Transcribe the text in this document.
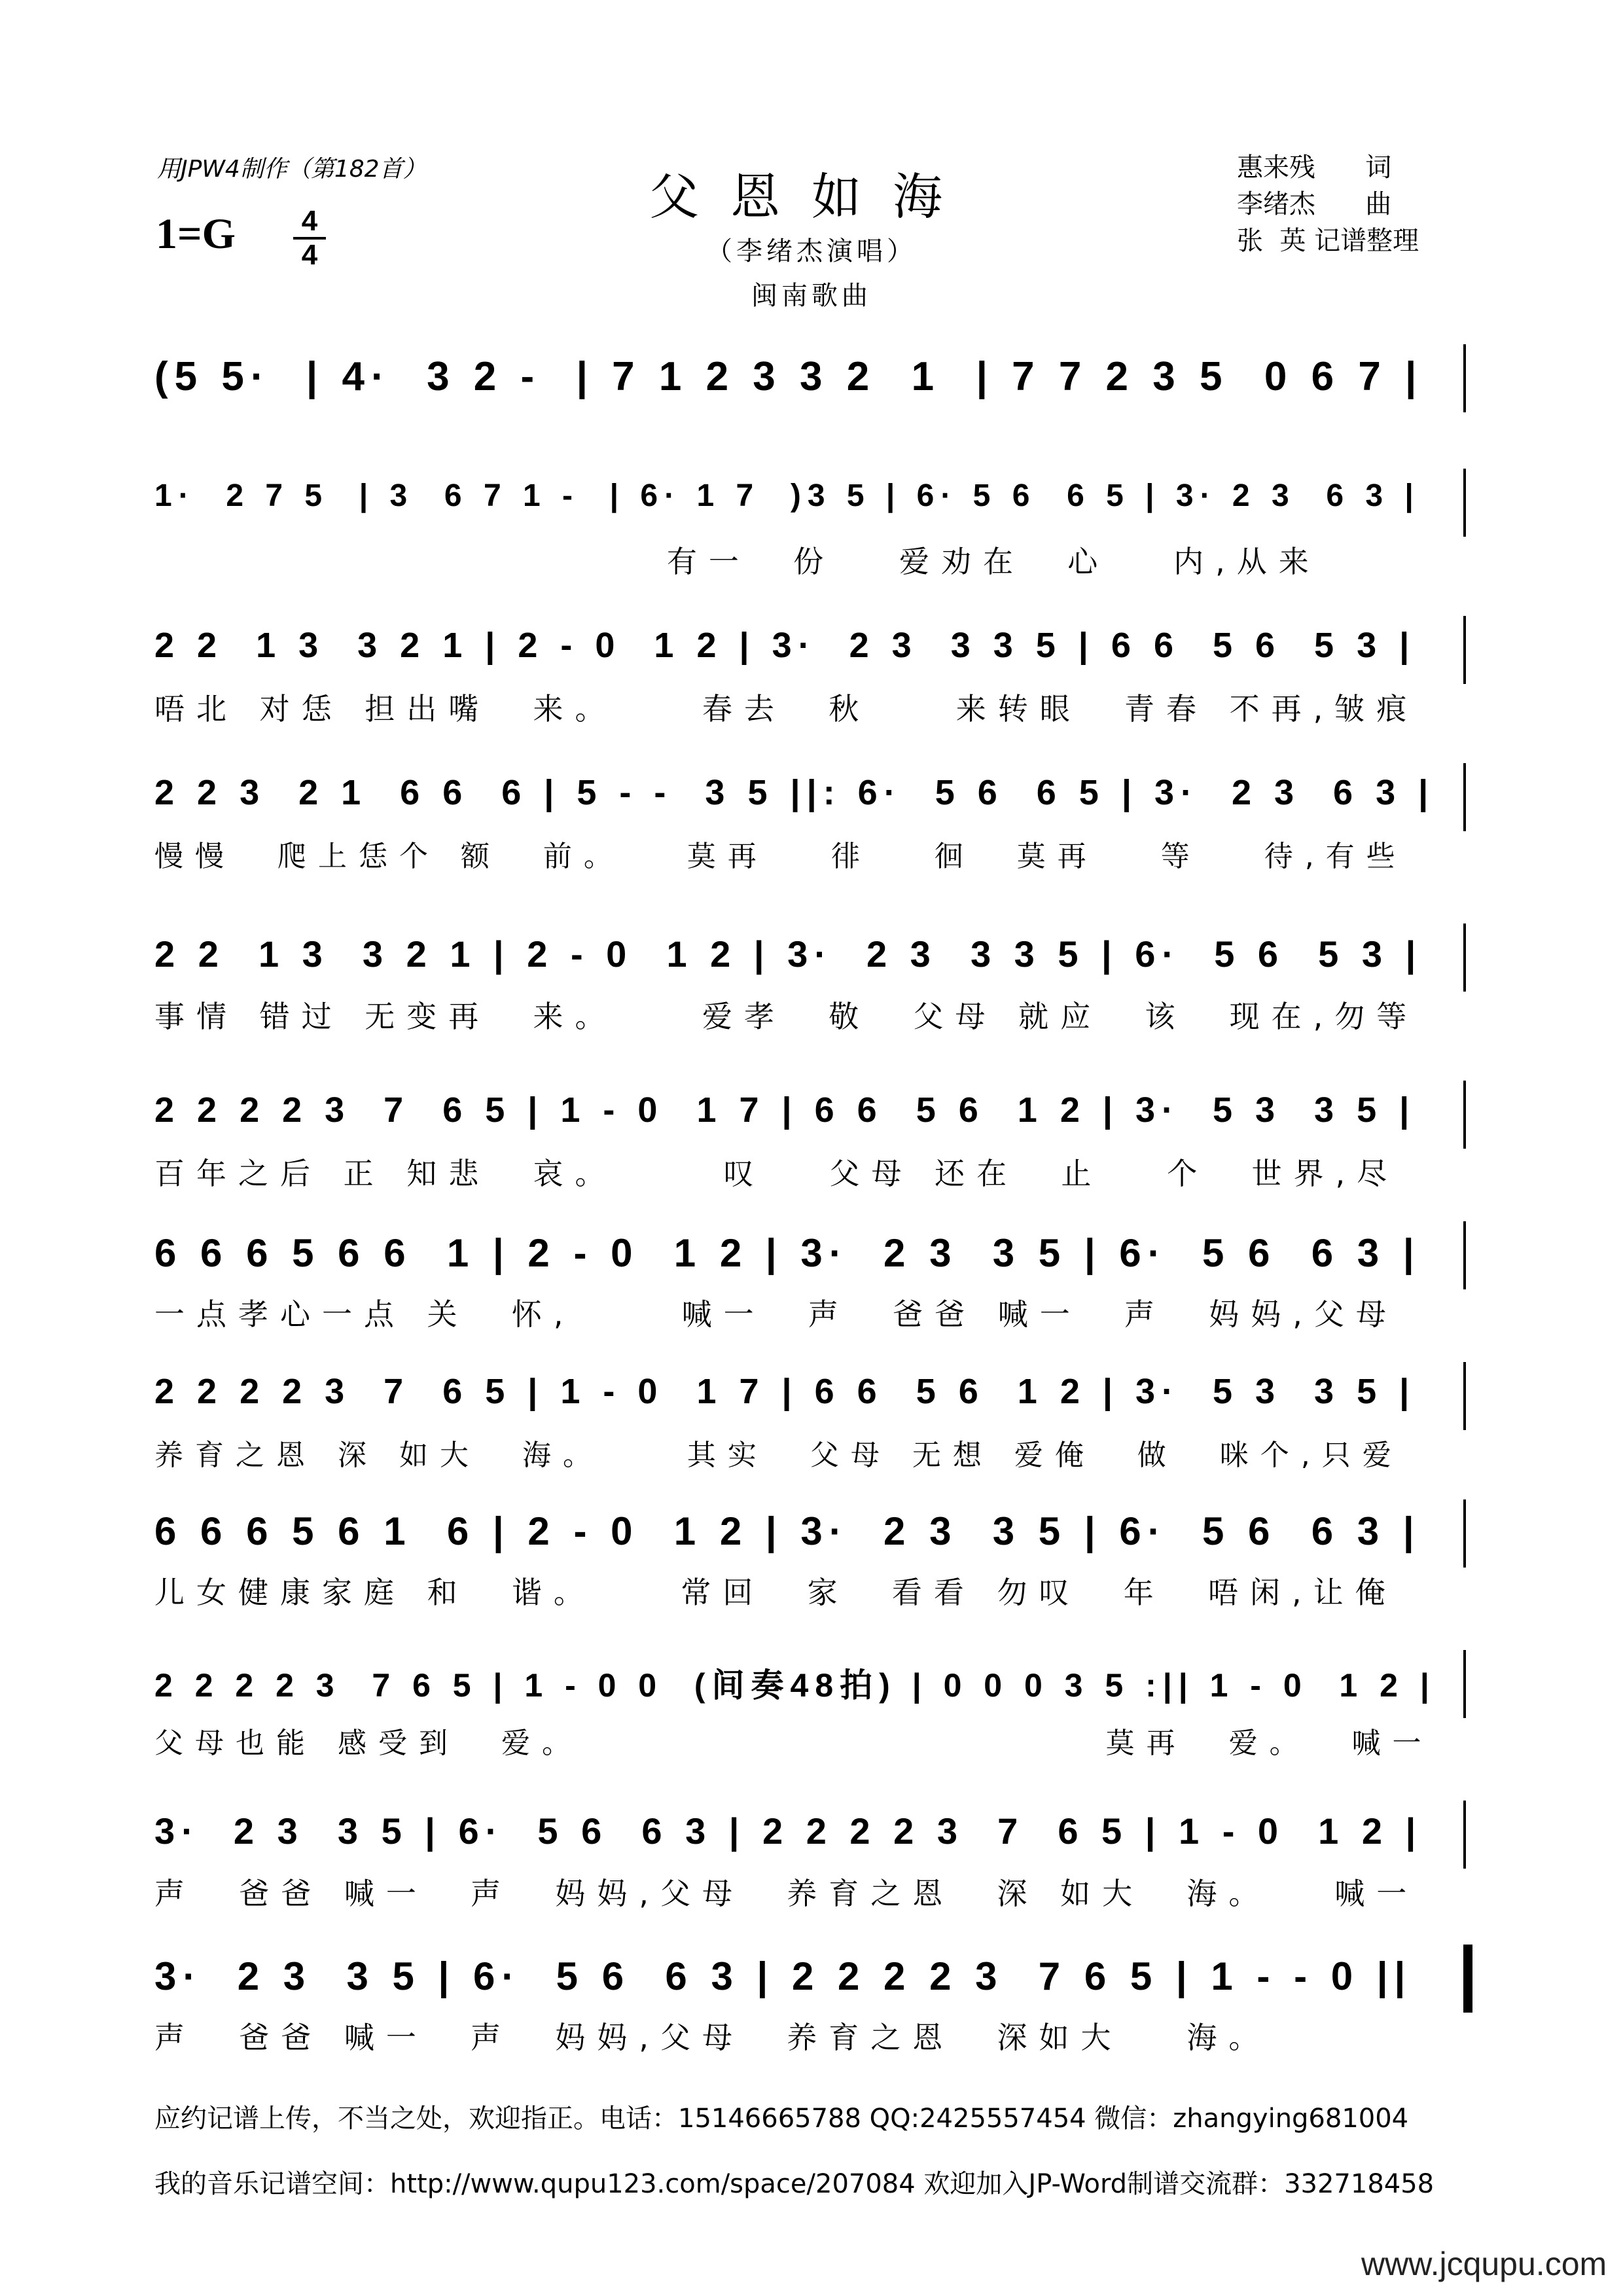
用JPW4制作（第182首）	父恩如海
（李绪杰演唱）
闽南歌曲
1=G 4
4
惠来残      词
李绪杰      曲
张  英 记谱整理
(5 5·  | 4·  3 2 -  | 7 1 2 3 3 2  1  | 7 7 2 3 5  0 6 7 |
1·  2 7 5  | 3  6 7 1 -  | 6· 1 7  )3 5 | 6· 5 6  6 5 | 3· 2 3  6 3 |
有一  份   爱劝在  心   内,从来
2 2  1 3  3 2 1 | 2 - 0  1 2 | 3·  2 3  3 3 5 | 6 6  5 6  5 3 |
唔北 对恁 担出嘴  来。    春去  秋    来转眼  青春 不再,皱痕
2 2 3  2 1  6 6  6 | 5 - -  3 5 ||: 6·  5 6  6 5 | 3·  2 3  6 3 |
慢慢  爬上恁个 额  前。   莫再   徘   徊  莫再   等   待,有些
2 2  1 3  3 2 1 | 2 - 0  1 2 | 3·  2 3  3 3 5 | 6·  5 6  5 3 |
事情 错过 无变再  来。    爱孝  敬  父母 就应  该  现在,勿等
2 2 2 2 3  7  6 5 | 1 - 0  1 7 | 6 6  5 6  1 2 | 3·  5 3  3 5 |
百年之后 正 知悲  哀。     叹   父母 还在  止   个  世界,尽
6 6 6 5 6 6  1 | 2 - 0  1 2 | 3·  2 3  3 5 | 6·  5 6  6 3 |
一点孝心一点 关  怀,     喊一  声  爸爸 喊一  声  妈妈,父母
2 2 2 2 3  7  6 5 | 1 - 0  1 7 | 6 6  5 6  1 2 | 3·  5 3  3 5 |
养育之恩 深 如大  海。    其实  父母 无想 爱俺  做  咪个,只爱
6 6 6 5 6 1  6 | 2 - 0  1 2 | 3·  2 3  3 5 | 6·  5 6  6 3 |
儿女健康家庭 和  谐。    常回  家  看看 勿叹  年  唔闲,让俺
2 2 2 2 3  7 6 5 | 1 - 0 0  (间奏48拍) | 0 0 0 3 5 :|| 1 - 0  1 2 |
父母也能 感受到  爱。                         莫再  爱。  喊一
3·  2 3  3 5 | 6·  5 6  6 3 | 2 2 2 2 3  7  6 5 | 1 - 0  1 2 |
声  爸爸 喊一  声  妈妈,父母  养育之恩  深 如大  海。   喊一
3·  2 3  3 5 | 6·  5 6  6 3 | 2 2 2 2 3  7 6 5 | 1 - - 0 ||
声  爸爸 喊一  声  妈妈,父母  养育之恩  深如大   海。
应约记谱上传，不当之处，欢迎指正。电话：15146665788 QQ:2425557454 微信：zhangying681004
我的音乐记谱空间：http://www.qupu123.com/space/207084 欢迎加入JP-Word制谱交流群：332718458
www.jcqupu.com
